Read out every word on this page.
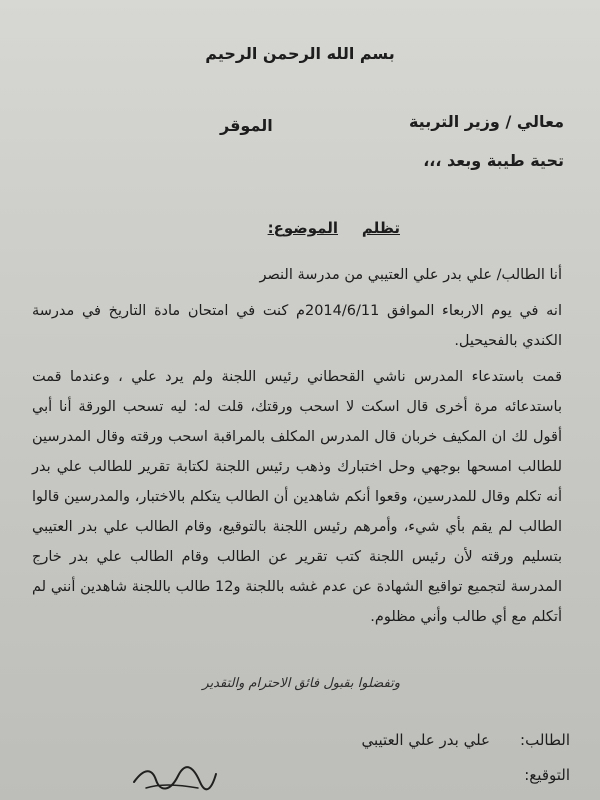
بسم الله الرحمن الرحيم
معالي / وزير التربية
الموقر
تحية طيبة وبعد ،،،
الموضوع: تظلم

أنا الطالب/ علي بدر علي العتيبي من مدرسة النصر

انه في يوم الاربعاء الموافق 2014/6/11م كنت في امتحان مادة التاريخ في مدرسة الكندي بالفحيحيل.

قمت باستدعاء المدرس ناشي القحطاني رئيس اللجنة ولم يرد علي ، وعندما قمت باستدعائه مرة أخرى قال اسكت لا اسحب ورقتك، قلت له: ليه تسحب الورقة أنا أبي أقول لك ان المكيف خربان قال المدرس المكلف بالمراقبة اسحب ورقته وقال المدرسين للطالب امسحها بوجهي وحل اختبارك وذهب رئيس اللجنة لكتابة تقرير للطالب علي بدر أنه تكلم وقال للمدرسين، وقعوا أنكم شاهدين أن الطالب يتكلم بالاختبار، والمدرسين قالوا الطالب لم يقم بأي شيء، وأمرهم رئيس اللجنة بالتوقيع، وقام الطالب علي بدر العتيبي بتسليم ورقته لأن رئيس اللجنة كتب تقرير عن الطالب وقام الطالب علي بدر خارج المدرسة لتجميع تواقيع الشهادة عن عدم غشه باللجنة و12 طالب باللجنة شاهدين أنني لم أتكلم مع أي طالب وأني مظلوم.

وتفضلوا بقبول فائق الاحترام والتقدير
الطالب:
علي بدر علي العتيبي
التوقيع:
